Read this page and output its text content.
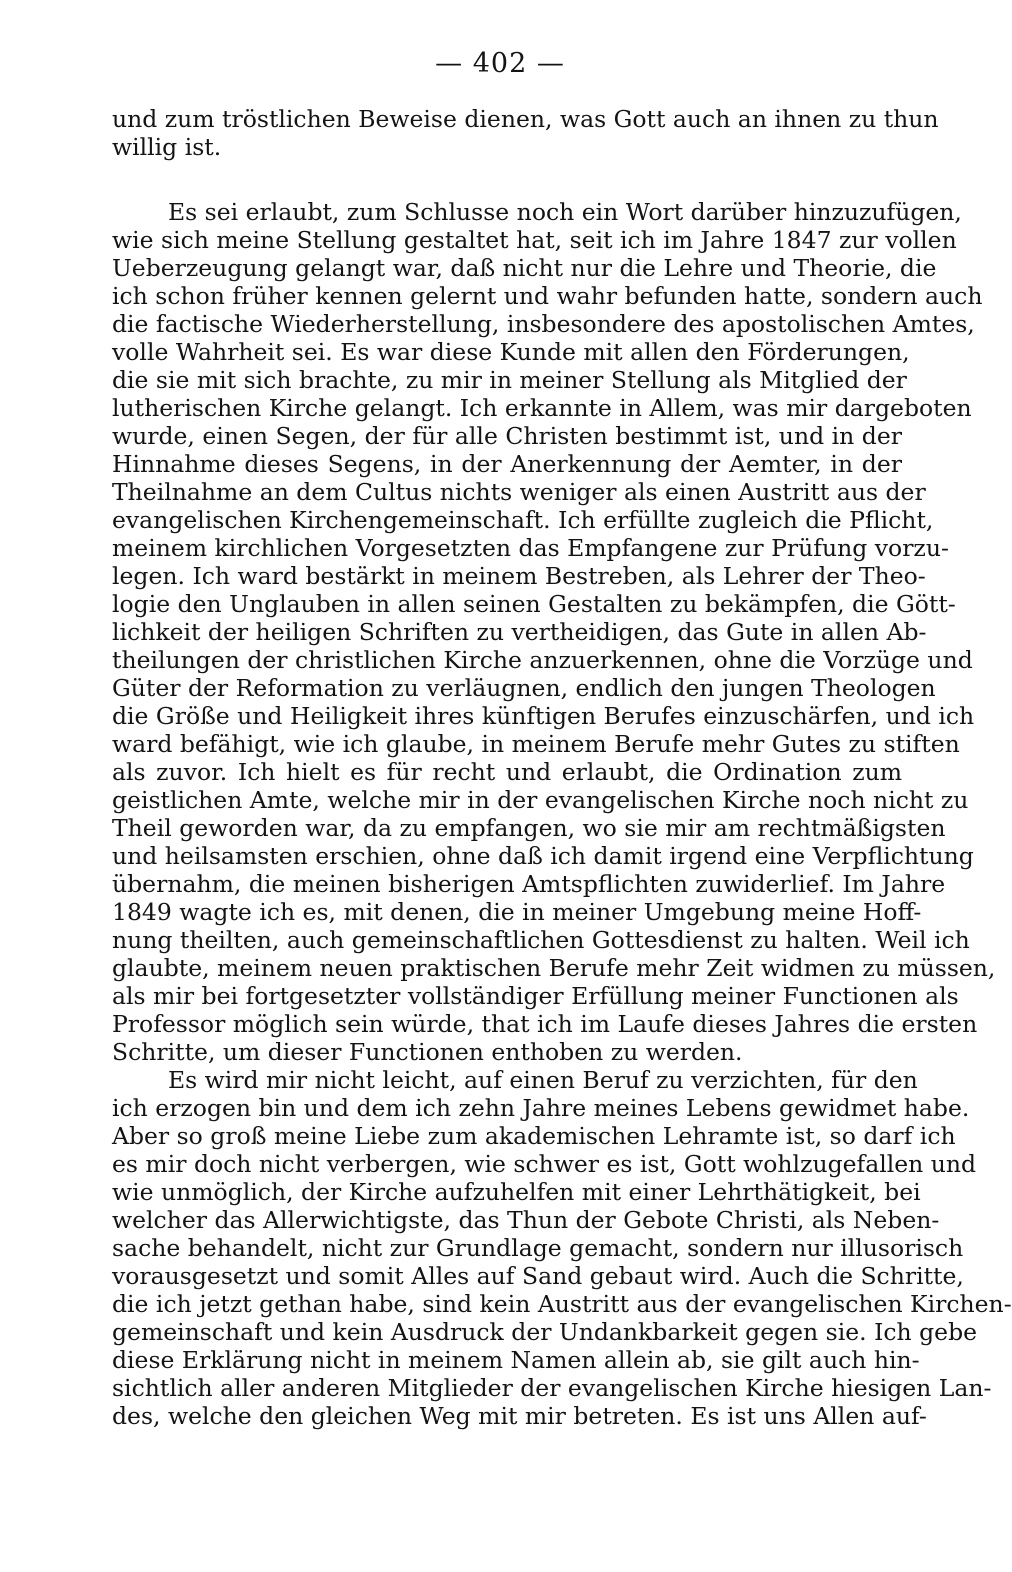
— 402 —
und zum tröstlichen Beweise dienen, was Gott auch an ihnen zu thun
willig ist.
Es sei erlaubt, zum Schlusse noch ein Wort darüber hinzuzufügen,
wie sich meine Stellung gestaltet hat, seit ich im Jahre 1847 zur vollen
Ueberzeugung gelangt war, daß nicht nur die Lehre und Theorie, die
ich schon früher kennen gelernt und wahr befunden hatte, sondern auch
die factische Wiederherstellung, insbesondere des apostolischen Amtes,
volle Wahrheit sei. Es war diese Kunde mit allen den Förderungen,
die sie mit sich brachte, zu mir in meiner Stellung als Mitglied der
lutherischen Kirche gelangt. Ich erkannte in Allem, was mir dargeboten
wurde, einen Segen, der für alle Christen bestimmt ist, und in der
Hinnahme dieses Segens, in der Anerkennung der Aemter, in der
Theilnahme an dem Cultus nichts weniger als einen Austritt aus der
evangelischen Kirchengemeinschaft. Ich erfüllte zugleich die Pflicht,
meinem kirchlichen Vorgesetzten das Empfangene zur Prüfung vorzu-
legen. Ich ward bestärkt in meinem Bestreben, als Lehrer der Theo-
logie den Unglauben in allen seinen Gestalten zu bekämpfen, die Gött-
lichkeit der heiligen Schriften zu vertheidigen, das Gute in allen Ab-
theilungen der christlichen Kirche anzuerkennen, ohne die Vorzüge und
Güter der Reformation zu verläugnen, endlich den jungen Theologen
die Größe und Heiligkeit ihres künftigen Berufes einzuschärfen, und ich
ward befähigt, wie ich glaube, in meinem Berufe mehr Gutes zu stiften
als zuvor. Ich hielt es für recht und erlaubt, die Ordination zum
geistlichen Amte, welche mir in der evangelischen Kirche noch nicht zu
Theil geworden war, da zu empfangen, wo sie mir am rechtmäßigsten
und heilsamsten erschien, ohne daß ich damit irgend eine Verpflichtung
übernahm, die meinen bisherigen Amtspflichten zuwiderlief. Im Jahre
1849 wagte ich es, mit denen, die in meiner Umgebung meine Hoff-
nung theilten, auch gemeinschaftlichen Gottesdienst zu halten. Weil ich
glaubte, meinem neuen praktischen Berufe mehr Zeit widmen zu müssen,
als mir bei fortgesetzter vollständiger Erfüllung meiner Functionen als
Professor möglich sein würde, that ich im Laufe dieses Jahres die ersten
Schritte, um dieser Functionen enthoben zu werden.
Es wird mir nicht leicht, auf einen Beruf zu verzichten, für den
ich erzogen bin und dem ich zehn Jahre meines Lebens gewidmet habe.
Aber so groß meine Liebe zum akademischen Lehramte ist, so darf ich
es mir doch nicht verbergen, wie schwer es ist, Gott wohlzugefallen und
wie unmöglich, der Kirche aufzuhelfen mit einer Lehrthätigkeit, bei
welcher das Allerwichtigste, das Thun der Gebote Christi, als Neben-
sache behandelt, nicht zur Grundlage gemacht, sondern nur illusorisch
vorausgesetzt und somit Alles auf Sand gebaut wird. Auch die Schritte,
die ich jetzt gethan habe, sind kein Austritt aus der evangelischen Kirchen-
gemeinschaft und kein Ausdruck der Undankbarkeit gegen sie. Ich gebe
diese Erklärung nicht in meinem Namen allein ab, sie gilt auch hin-
sichtlich aller anderen Mitglieder der evangelischen Kirche hiesigen Lan-
des, welche den gleichen Weg mit mir betreten. Es ist uns Allen auf-
